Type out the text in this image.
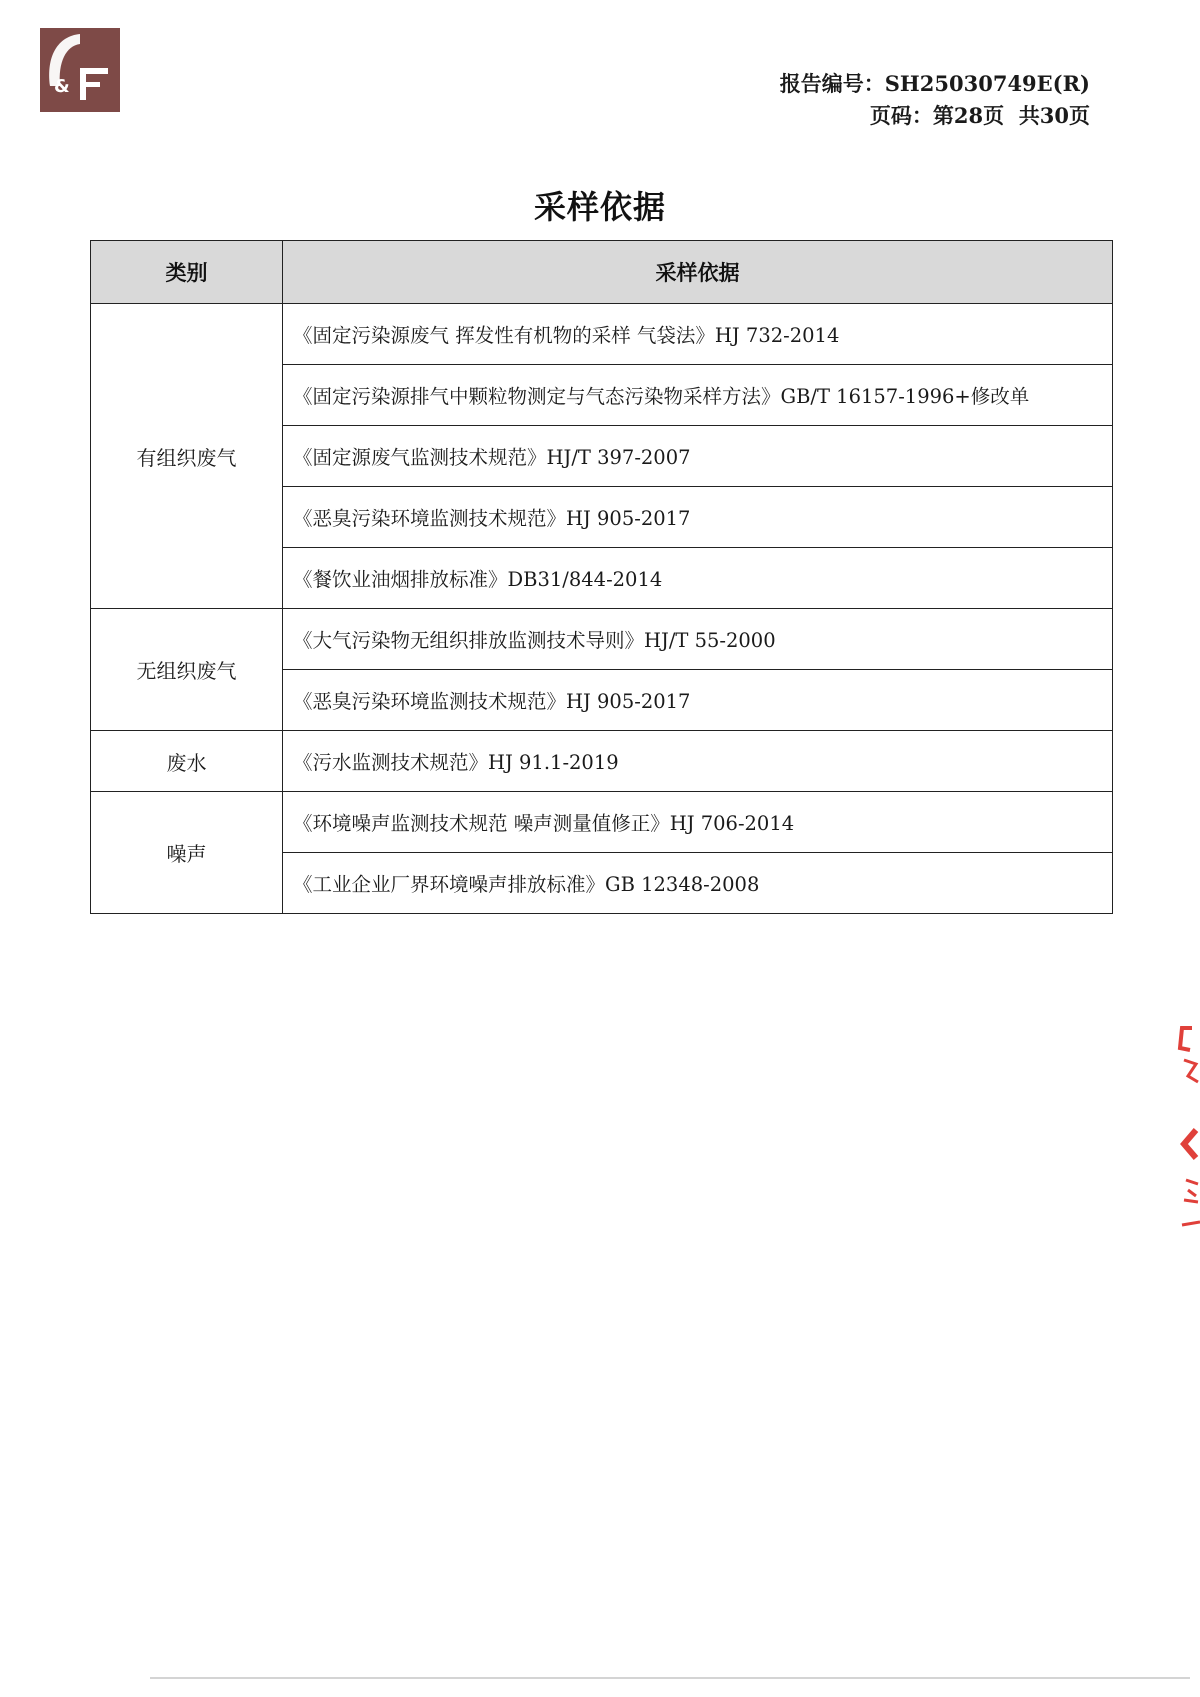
&	报告编号：SH25030749E(R)
页码：第28页 共30页
采样依据
类别	采样依据
有组织废气	《固定污染源废气 挥发性有机物的采样 气袋法》HJ 732-2014
	《固定污染源排气中颗粒物测定与气态污染物采样方法》GB/T 16157-1996+修改单
	《固定源废气监测技术规范》HJ/T 397-2007
	《恶臭污染环境监测技术规范》HJ 905-2017
	《餐饮业油烟排放标准》DB31/844-2014
无组织废气	《大气污染物无组织排放监测技术导则》HJ/T 55-2000
	《恶臭污染环境监测技术规范》HJ 905-2017
废水	《污水监测技术规范》HJ 91.1-2019
噪声	《环境噪声监测技术规范 噪声测量值修正》HJ 706-2014
	《工业企业厂界环境噪声排放标准》GB 12348-2008
